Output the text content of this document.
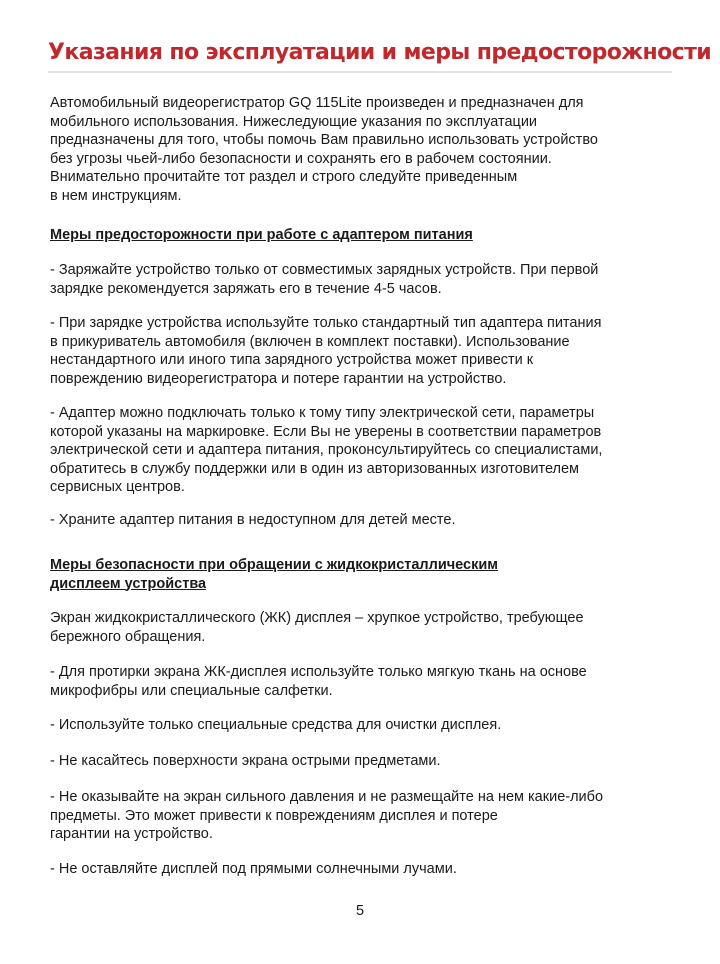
Указания по эксплуатации и меры предосторожности

Автомобильный видеорегистратор GQ 115Lite произведен и предназначен для
мобильного использования. Нижеследующие указания по эксплуатации
предназначены для того, чтобы помочь Вам правильно использовать устройство
без угрозы чьей-либо безопасности и сохранять его в рабочем состоянии.
Внимательно прочитайте тот раздел и строго следуйте приведенным
в нем инструкциям.

Меры предосторожности при работе с адаптером питания

- Заряжайте устройство только от совместимых зарядных устройств. При первой
зарядке рекомендуется заряжать его в течение 4-5 часов.

- При зарядке устройства используйте только стандартный тип адаптера питания
в прикуриватель автомобиля (включен в комплект поставки). Использование
нестандартного или иного типа зарядного устройства может привести к
повреждению видеорегистратора и потере гарантии на устройство.

- Адаптер можно подключать только к тому типу электрической сети, параметры
которой указаны на маркировке. Если Вы не уверены в соответствии параметров
электрической сети и адаптера питания, проконсультируйтесь со специалистами,
обратитесь в службу поддержки или в один из авторизованных изготовителем
сервисных центров.

- Храните адаптер питания в недоступном для детей месте.

Меры безопасности при обращении с жидкокристаллическим
дисплеем устройства

Экран жидкокристаллического (ЖК) дисплея – хрупкое устройство, требующее
бережного обращения.

- Для протирки экрана ЖК-дисплея используйте только мягкую ткань на основе
микрофибры или специальные салфетки.

- Используйте только специальные средства для очистки дисплея.

- Не касайтесь поверхности экрана острыми предметами.

- Не оказывайте на экран сильного давления и не размещайте на нем какие-либо
предметы. Это может привести к повреждениям дисплея и потере
гарантии на устройство.

- Не оставляйте дисплей под прямыми солнечными лучами.

5
